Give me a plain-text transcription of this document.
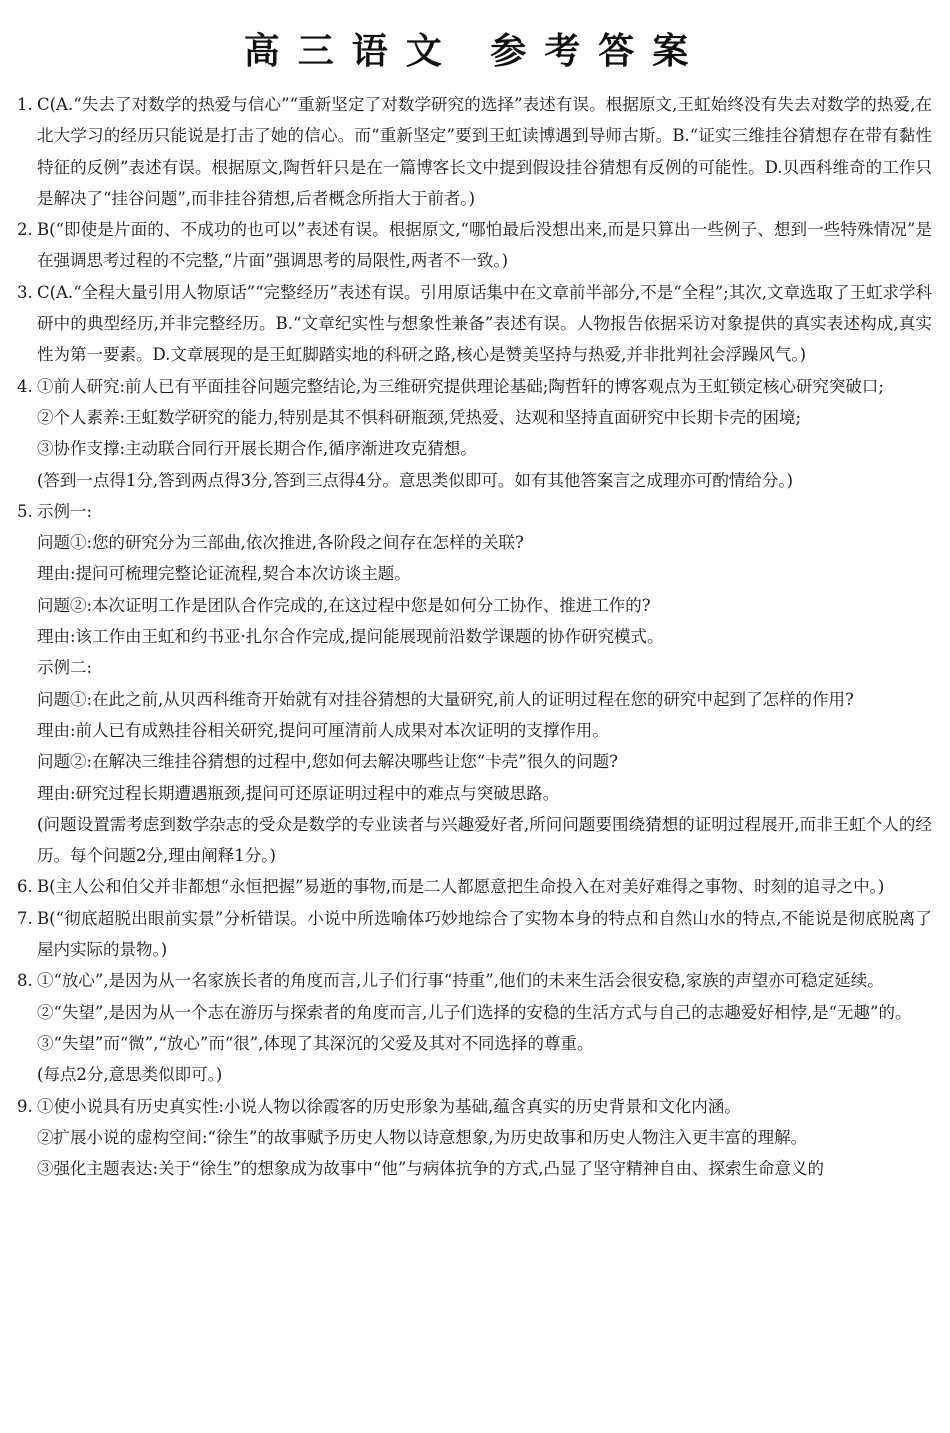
高三语文 参考答案
1. C(A.“失去了对数学的热爱与信心”“重新坚定了对数学研究的选择”表述有误。根据原文,王虹始终没有失去对数学的热爱,在北大学习的经历只能说是打击了她的信心。而“重新坚定”要到王虹读博遇到导师古斯。B.“证实三维挂谷猜想存在带有黏性特征的反例”表述有误。根据原文,陶哲轩只是在一篇博客长文中提到假设挂谷猜想有反例的可能性。D.贝西科维奇的工作只是解决了“挂谷问题”,而非挂谷猜想,后者概念所指大于前者。)
2. B(“即使是片面的、不成功的也可以”表述有误。根据原文,“哪怕最后没想出来,而是只算出一些例子、想到一些特殊情况”是在强调思考过程的不完整,“片面”强调思考的局限性,两者不一致。)
3. C(A.“全程大量引用人物原话”“完整经历”表述有误。引用原话集中在文章前半部分,不是“全程”;其次,文章选取了王虹求学科研中的典型经历,并非完整经历。B.“文章纪实性与想象性兼备”表述有误。人物报告依据采访对象提供的真实表述构成,真实性为第一要素。D.文章展现的是王虹脚踏实地的科研之路,核心是赞美坚持与热爱,并非批判社会浮躁风气。)
4. ①前人研究:前人已有平面挂谷问题完整结论,为三维研究提供理论基础;陶哲轩的博客观点为王虹锁定核心研究突破口;
②个人素养:王虹数学研究的能力,特别是其不惧科研瓶颈,凭热爱、达观和坚持直面研究中长期卡壳的困境;
③协作支撑:主动联合同行开展长期合作,循序渐进攻克猜想。
(答到一点得1分,答到两点得3分,答到三点得4分。意思类似即可。如有其他答案言之成理亦可酌情给分。)
5. 示例一:
问题①:您的研究分为三部曲,依次推进,各阶段之间存在怎样的关联?
理由:提问可梳理完整论证流程,契合本次访谈主题。
问题②:本次证明工作是团队合作完成的,在这过程中您是如何分工协作、推进工作的?
理由:该工作由王虹和约书亚·扎尔合作完成,提问能展现前沿数学课题的协作研究模式。
示例二:
问题①:在此之前,从贝西科维奇开始就有对挂谷猜想的大量研究,前人的证明过程在您的研究中起到了怎样的作用?
理由:前人已有成熟挂谷相关研究,提问可厘清前人成果对本次证明的支撑作用。
问题②:在解决三维挂谷猜想的过程中,您如何去解决哪些让您“卡壳”很久的问题?
理由:研究过程长期遭遇瓶颈,提问可还原证明过程中的难点与突破思路。
(问题设置需考虑到数学杂志的受众是数学的专业读者与兴趣爱好者,所问问题要围绕猜想的证明过程展开,而非王虹个人的经历。每个问题2分,理由阐释1分。)
6. B(主人公和伯父并非都想“永恒把握”易逝的事物,而是二人都愿意把生命投入在对美好难得之事物、时刻的追寻之中。)
7. B(“彻底超脱出眼前实景”分析错误。小说中所选喻体巧妙地综合了实物本身的特点和自然山水的特点,不能说是彻底脱离了屋内实际的景物。)
8. ①“放心”,是因为从一名家族长者的角度而言,儿子们行事“持重”,他们的未来生活会很安稳,家族的声望亦可稳定延续。
②“失望”,是因为从一个志在游历与探索者的角度而言,儿子们选择的安稳的生活方式与自己的志趣爱好相悖,是“无趣”的。
③“失望”而“微”,“放心”而“很”,体现了其深沉的父爱及其对不同选择的尊重。
(每点2分,意思类似即可。)
9. ①使小说具有历史真实性:小说人物以徐霞客的历史形象为基础,蕴含真实的历史背景和文化内涵。
②扩展小说的虚构空间:“徐生”的故事赋予历史人物以诗意想象,为历史故事和历史人物注入更丰富的理解。
③强化主题表达:关于“徐生”的想象成为故事中“他”与病体抗争的方式,凸显了坚守精神自由、探索生命意义的
